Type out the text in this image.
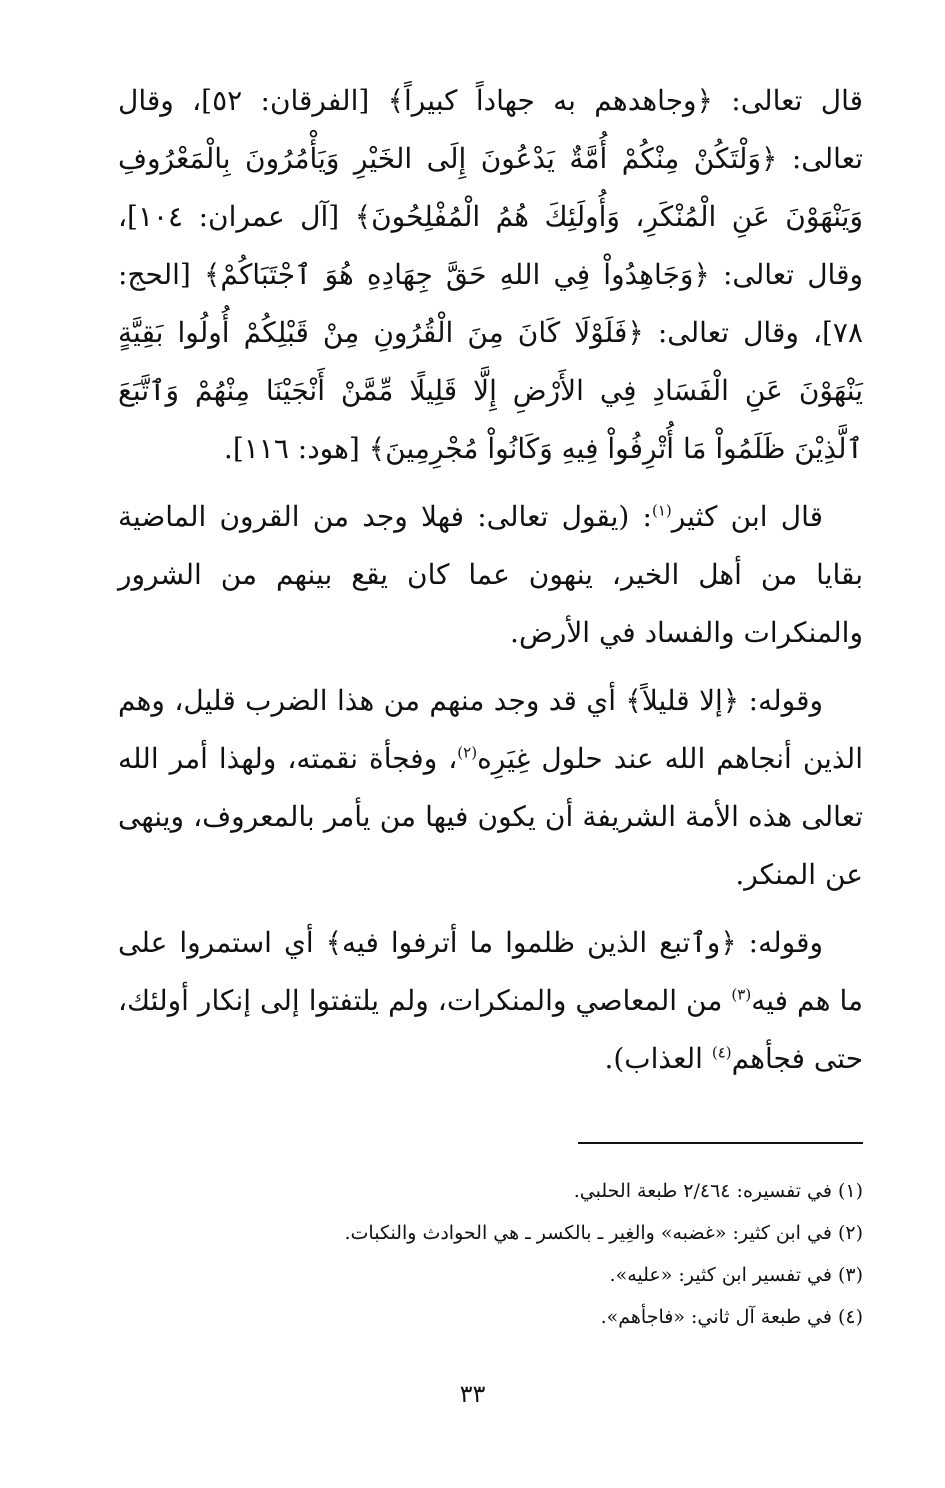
قال تعالى: ﴿وجاهدهم به جهاداً كبيراً﴾ [الفرقان: ٥٢]، وقال تعالى: ﴿وَلْتَكُنْ مِنْكُمْ أُمَّةٌ يَدْعُونَ إِلَى الخَيْرِ وَيَأْمُرُونَ بِالْمَعْرُوفِ وَيَنْهَوْنَ عَنِ الْمُنْكَرِ، وَأُولَئِكَ هُمُ الْمُفْلِحُونَ﴾ [آل عمران: ١٠٤]، وقال تعالى: ﴿وَجَاهِدُواْ فِي اللهِ حَقَّ جِهَادِهِ هُوَ ٱجْتَبَاكُمْ﴾ [الحج: ٧٨]، وقال تعالى: ﴿فَلَوْلَا كَانَ مِنَ الْقُرُونِ مِنْ قَبْلِكُمْ أُولُوا بَقِيَّةٍ يَنْهَوْنَ عَنِ الْفَسَادِ فِي الأَرْضِ إِلَّا قَلِيلًا مِّمَّنْ أَنْجَيْنَا مِنْهُمْ وَٱتَّبَعَ ٱلَّذِيْنَ ظَلَمُواْ مَا أُتْرِفُواْ فِيهِ وَكَانُواْ مُجْرِمِينَ﴾ [هود: ١١٦].

قال ابن كثير$^{(١)}$: (يقول تعالى: فهلا وجد من القرون الماضية بقايا من أهل الخير، ينهون عما كان يقع بينهم من الشرور والمنكرات والفساد في الأرض.

وقوله: ﴿إلا قليلاً﴾ أي قد وجد منهم من هذا الضرب قليل، وهم الذين أنجاهم الله عند حلول غِيَرِه$^{(٢)}$، وفجأة نقمته، ولهذا أمر الله تعالى هذه الأمة الشريفة أن يكون فيها من يأمر بالمعروف، وينهى عن المنكر.

وقوله: ﴿وٱتبع الذين ظلموا ما أترفوا فيه﴾ أي استمروا على ما هم فيه$^{(٣)}$ من المعاصي والمنكرات، ولم يلتفتوا إلى إنكار أولئك، حتى فجأهم$^{(٤)}$ العذاب).

(١)في تفسيره: ٢/٤٦٤ طبعة الحلبي.

(٢)في ابن كثير: «غضبه» والغِير ـ بالكسر ـ هي الحوادث والنكبات.

(٣)في تفسير ابن كثير: «عليه».

(٤)في طبعة آل ثاني: «فاجأهم».

٣٣
